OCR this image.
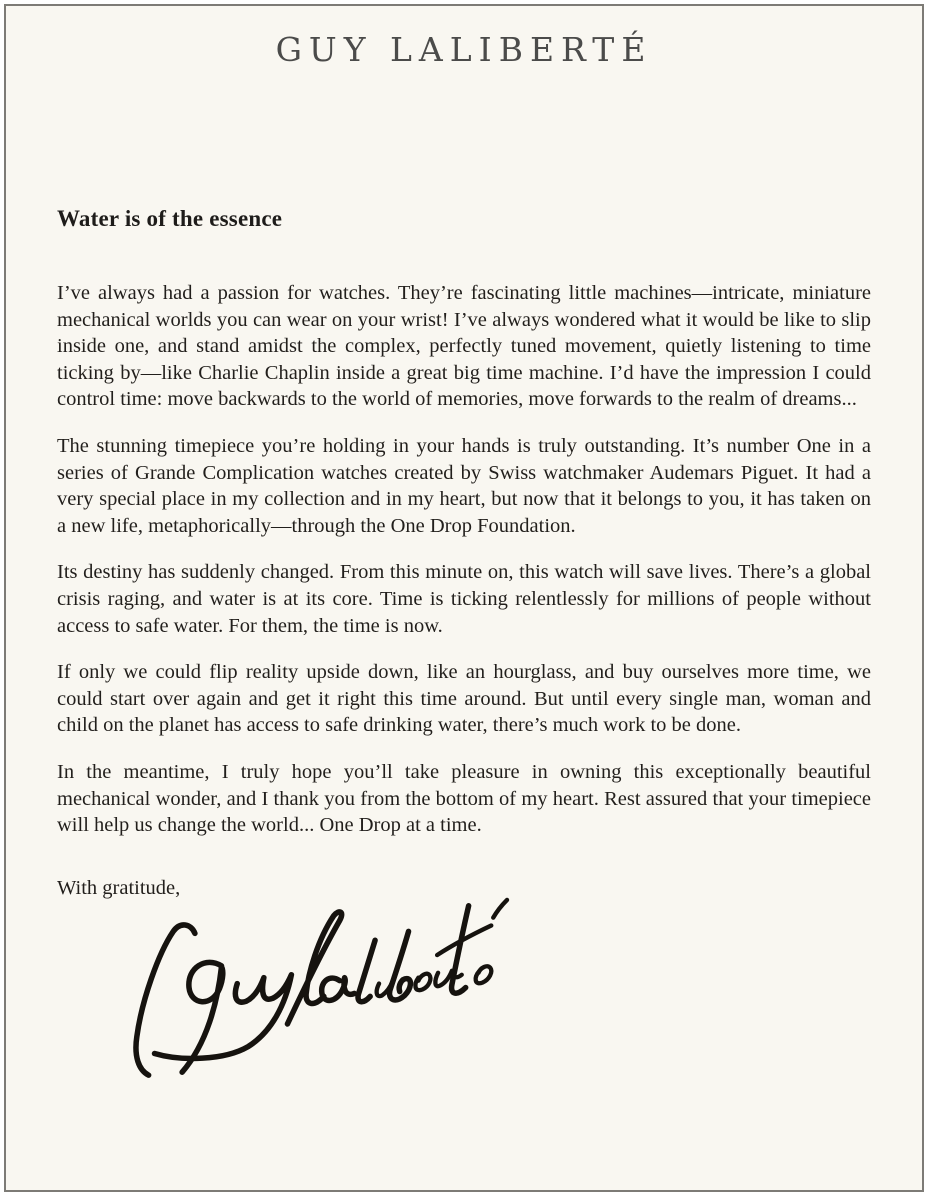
GUY LALIBERTÉ
Water is of the essence

I’ve always had a passion for watches. They’re fascinating little machines—intricate, miniature mechanical worlds you can wear on your wrist! I’ve always wondered what it would be like to slip inside one, and stand amidst the complex, perfectly tuned movement, quietly listening to time ticking by—like Charlie Chaplin inside a great big time machine. I’d have the impression I could control time: move backwards to the world of memories, move forwards to the realm of dreams...

The stunning timepiece you’re holding in your hands is truly outstanding. It’s number One in a series of Grande Complication watches created by Swiss watchmaker Audemars Piguet. It had a very special place in my collection and in my heart, but now that it belongs to you, it has taken on a new life, metaphorically—through the One Drop Foundation.

Its destiny has suddenly changed. From this minute on, this watch will save lives. There’s a global crisis raging, and water is at its core. Time is ticking relentlessly for millions of people without access to safe water. For them, the time is now.

If only we could flip reality upside down, like an hourglass, and buy ourselves more time, we could start over again and get it right this time around. But until every single man, woman and child on the planet has access to safe drinking water, there’s much work to be done.

In the meantime, I truly hope you’ll take pleasure in owning this exceptionally beautiful mechanical wonder, and I thank you from the bottom of my heart. Rest assured that your timepiece will help us change the world... One Drop at a time.

With gratitude,
